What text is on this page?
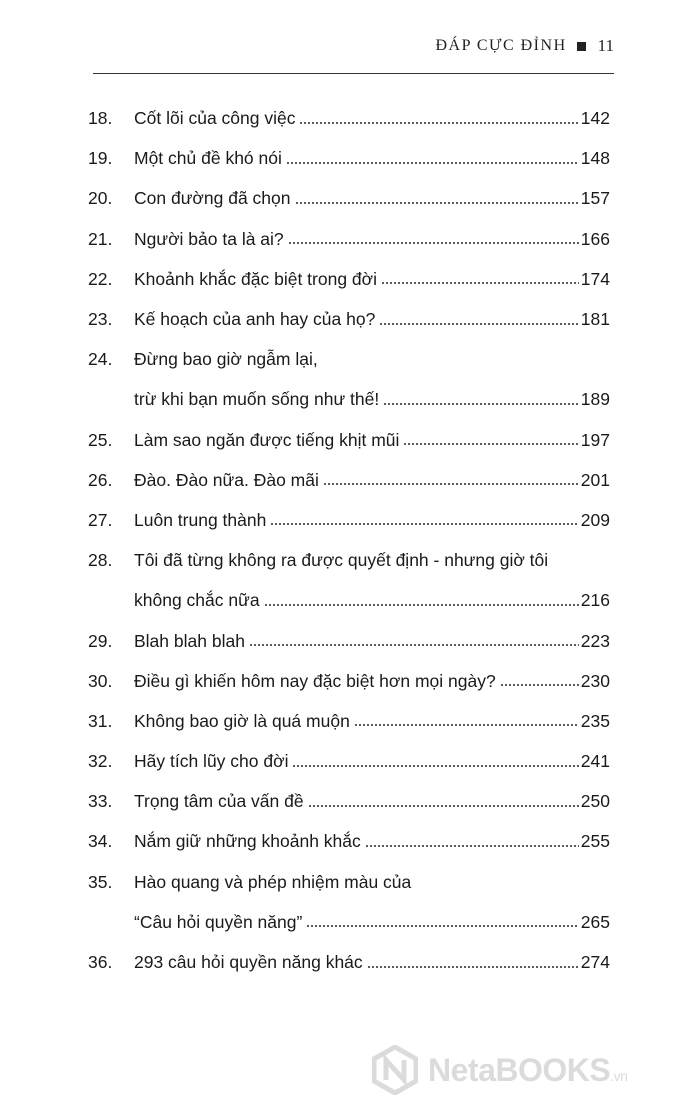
ĐÁP CỰC ĐỈNH 11
18.	Cốt lõi của công việc	142
19.	Một chủ đề khó nói	148
20.	Con đường đã chọn	157
21.	Người bảo ta là ai?	166
22.	Khoảnh khắc đặc biệt trong đời	174
23.	Kế hoạch của anh hay của họ?	181
24.	Đừng bao giờ ngẫm lại,
trừ khi bạn muốn sống như thế!	189
25.	Làm sao ngăn được tiếng khịt mũi	197
26.	Đào. Đào nữa. Đào mãi	201
27.	Luôn trung thành	209
28.	Tôi đã từng không ra được quyết định - nhưng giờ tôi
không chắc nữa	216
29.	Blah blah blah	223
30.	Điều gì khiến hôm nay đặc biệt hơn mọi ngày?	230
31.	Không bao giờ là quá muộn	235
32.	Hãy tích lũy cho đời	241
33.	Trọng tâm của vấn đề	250
34.	Nắm giữ những khoảnh khắc	255
35.	Hào quang và phép nhiệm màu của
“Câu hỏi quyền năng”	265
36.	293 câu hỏi quyền năng khác	274
NetaBOOKS.vn
